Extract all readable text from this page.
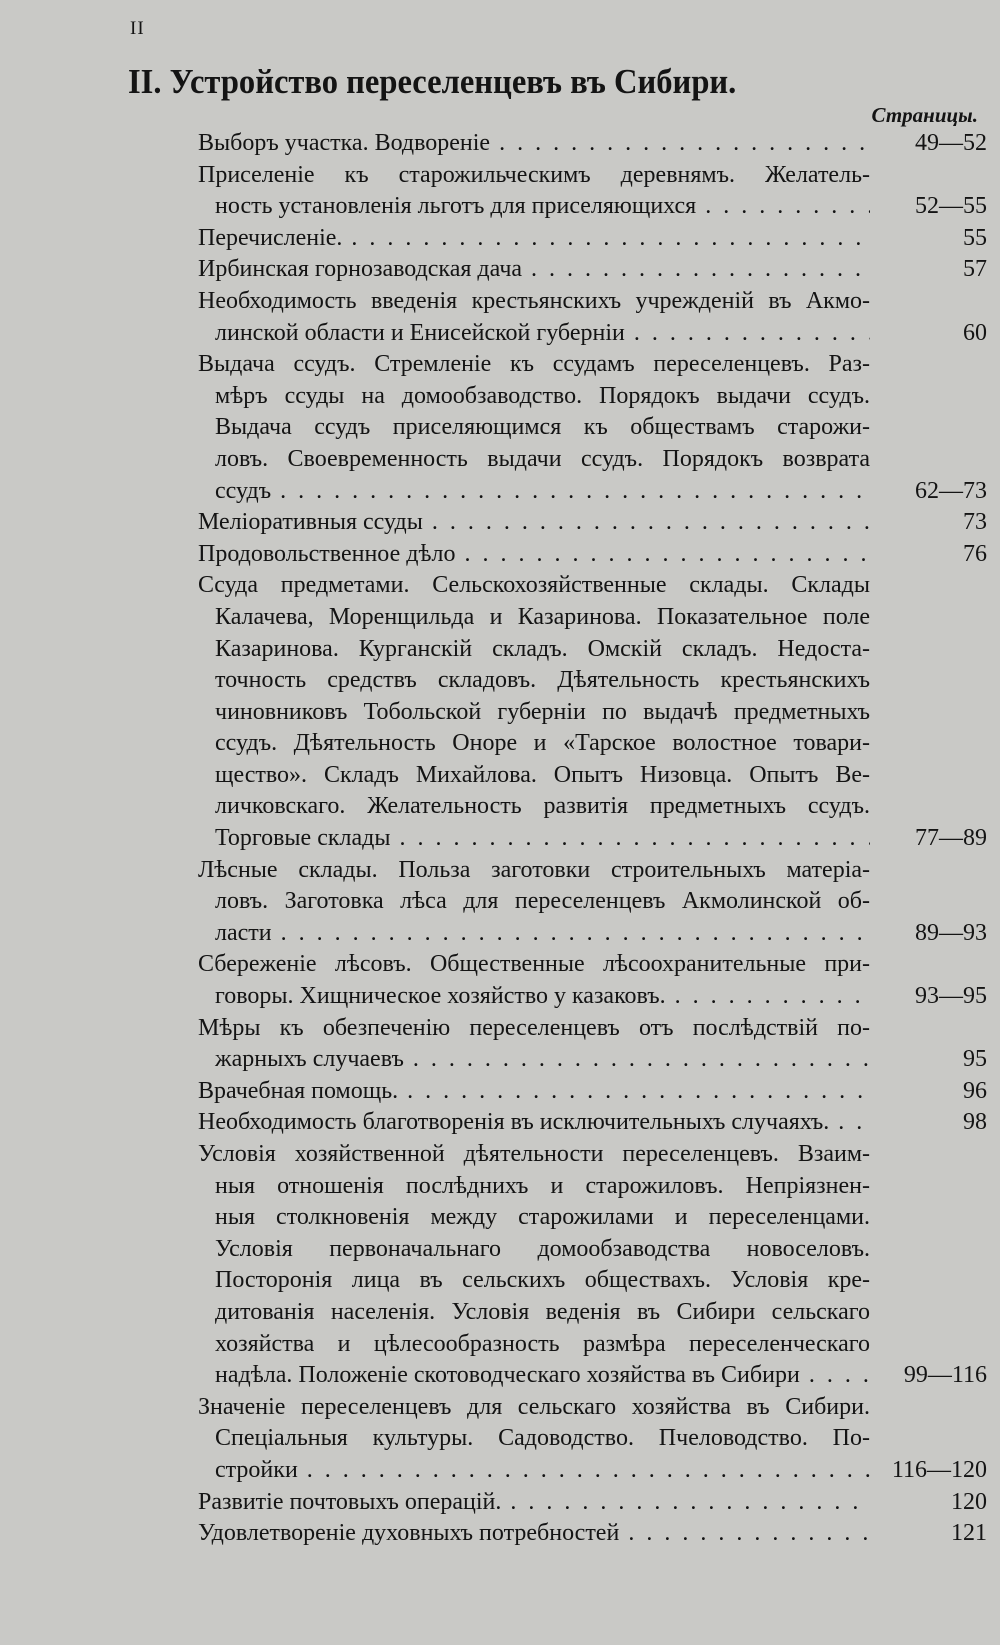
II
II. Устройство переселенцевъ въ Сибири.
Страницы.
Выборъ участка. Водвореніе . . .	49—52
Приселеніе къ старожильческимъ деревнямъ. Желатель-
ность установленія льготъ для приселяющихся . . .	52—55
Перечисленіе. . . .	55
Ирбинская горнозаводская дача . . .	57
Необходимость введенія крестьянскихъ учрежденій въ Акмо-
линской области и Енисейской губерніи . . .	60
Выдача ссудъ. Стремленіе къ ссудамъ переселенцевъ. Раз-
мѣръ ссуды на домообзаводство. Порядокъ выдачи ссудъ.
Выдача ссудъ приселяющимся къ обществамъ старожи-
ловъ. Своевременность выдачи ссудъ. Порядокъ возврата
ссудъ . . .	62—73
Меліоративныя ссуды . . .	73
Продовольственное дѣло . . .	76
Ссуда предметами. Сельскохозяйственные склады. Склады
Калачева, Моренщильда и Казаринова. Показательное поле
Казаринова. Курганскій складъ. Омскій складъ. Недоста-
точность средствъ складовъ. Дѣятельность крестьянскихъ
чиновниковъ Тобольской губерніи по выдачѣ предметныхъ
ссудъ. Дѣятельность Оноре и «Тарское волостное товари-
щество». Складъ Михайлова. Опытъ Низовца. Опытъ Ве-
личковскаго. Желательность развитія предметныхъ ссудъ.
Торговые склады . . .	77—89
Лѣсные склады. Польза заготовки строительныхъ матеріа-
ловъ. Заготовка лѣса для переселенцевъ Акмолинской об-
ласти . . .	89—93
Сбереженіе лѣсовъ. Общественные лѣсоохранительные при-
говоры. Хищническое хозяйство у казаковъ. . . .	93—95
Мѣры къ обезпеченію переселенцевъ отъ послѣдствій по-
жарныхъ случаевъ . . .	95
Врачебная помощь. . . .	96
Необходимость благотворенія въ исключительныхъ случаяхъ. . . .	98
Условія хозяйственной дѣятельности переселенцевъ. Взаим-
ныя отношенія послѣднихъ и старожиловъ. Непріязнен-
ныя столкновенія между старожилами и переселенцами.
Условія первоначальнаго домообзаводства новоселовъ.
Посторонія лица въ сельскихъ обществахъ. Условія кре-
дитованія населенія. Условія веденія въ Сибири сельскаго
хозяйства и цѣлесообразность размѣра переселенческаго
надѣла. Положеніе скотоводческаго хозяйства въ Сибири . . .	99—116
Значеніе переселенцевъ для сельскаго хозяйства въ Сибири.
Спеціальныя культуры. Садоводство. Пчеловодство. По-
стройки . . .	116—120
Развитіе почтовыхъ операцій. . . .	120
Удовлетвореніе духовныхъ потребностей . . .	121
